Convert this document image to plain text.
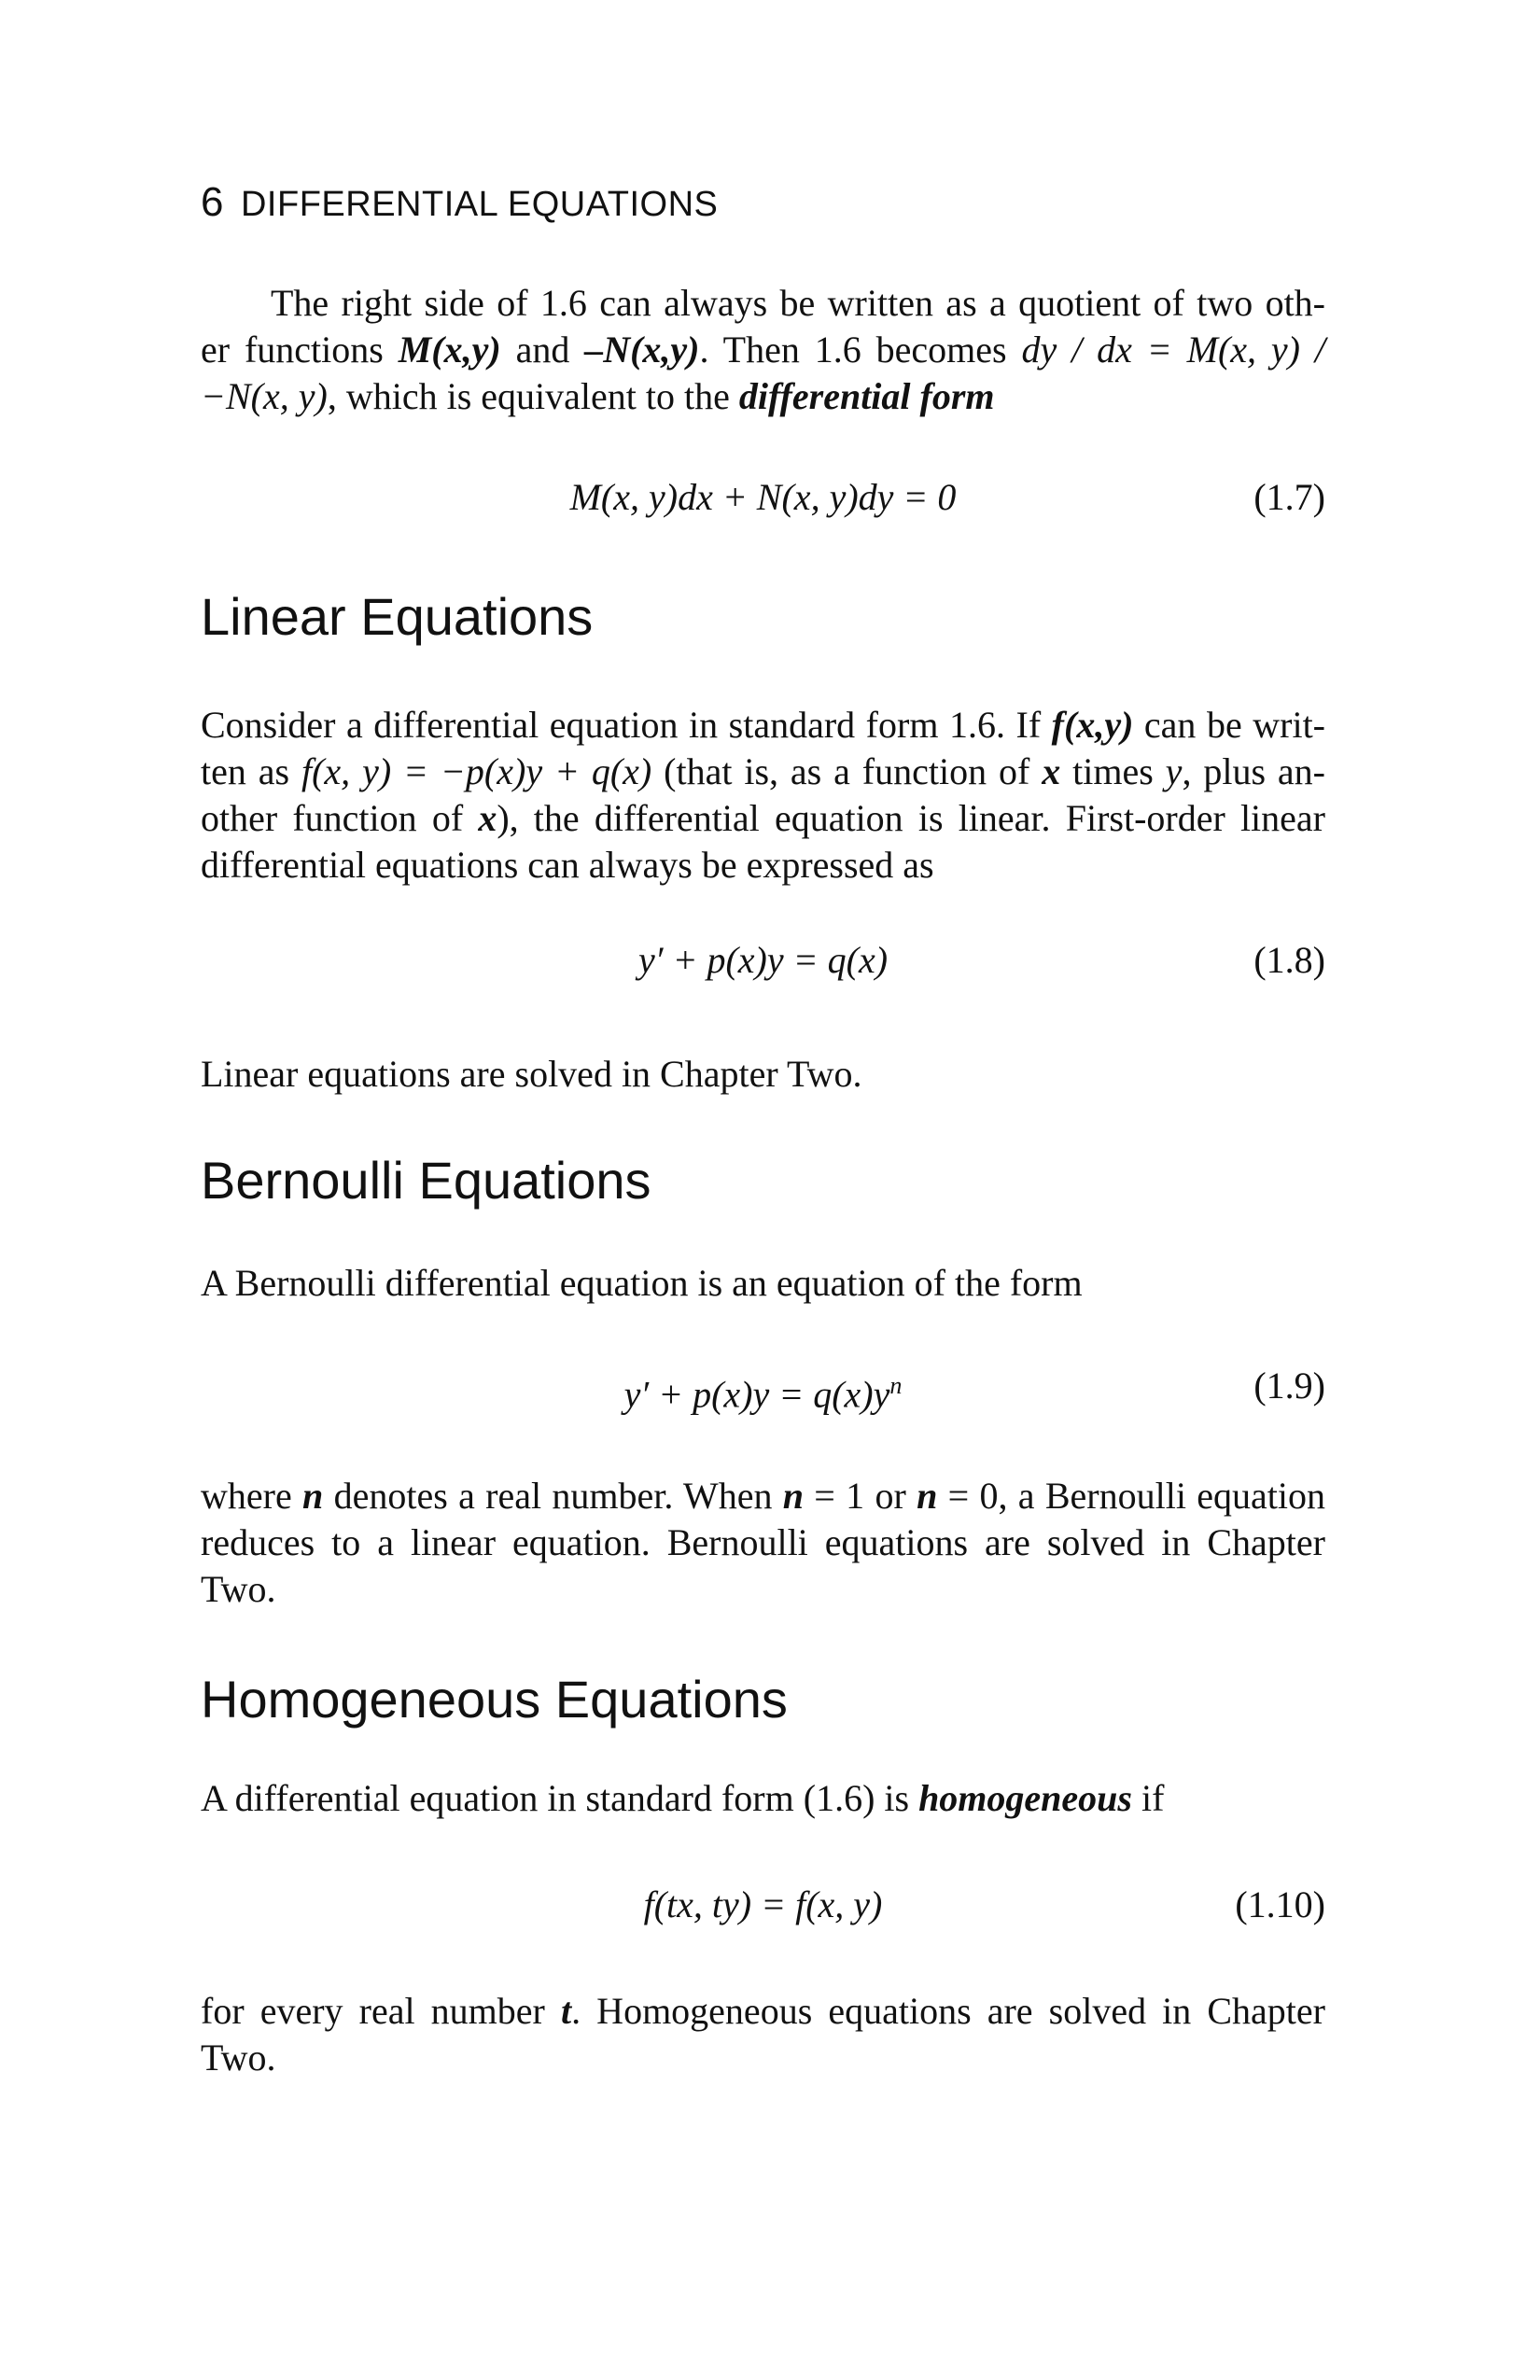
6 DIFFERENTIAL EQUATIONS

The right side of 1.6 can always be written as a quotient of two oth-

er functions M(x,y) and –N(x,y). Then 1.6 becomes dy / dx = M(x, y) /

−N(x, y), which is equivalent to the differential form

M(x, y)dx + N(x, y)dy = 0	(1.7)
Linear Equations

Consider a differential equation in standard form 1.6. If f(x,y) can be writ-

ten as f(x, y) = −p(x)y + q(x) (that is, as a function of x times y, plus an-

other function of x), the differential equation is linear. First-order linear

differential equations can always be expressed as

y′ + p(x)y = q(x)	(1.8)

Linear equations are solved in Chapter Two.

Bernoulli Equations

A Bernoulli differential equation is an equation of the form

$y' + p(x)y = q(x)y^n$	(1.9)

where n denotes a real number. When n = 1 or n = 0, a Bernoulli equation

reduces to a linear equation. Bernoulli equations are solved in Chapter

Two.

Homogeneous Equations

A differential equation in standard form (1.6) is homogeneous if

f(tx, ty) = f(x, y)	(1.10)

for every real number t. Homogeneous equations are solved in Chapter

Two.
